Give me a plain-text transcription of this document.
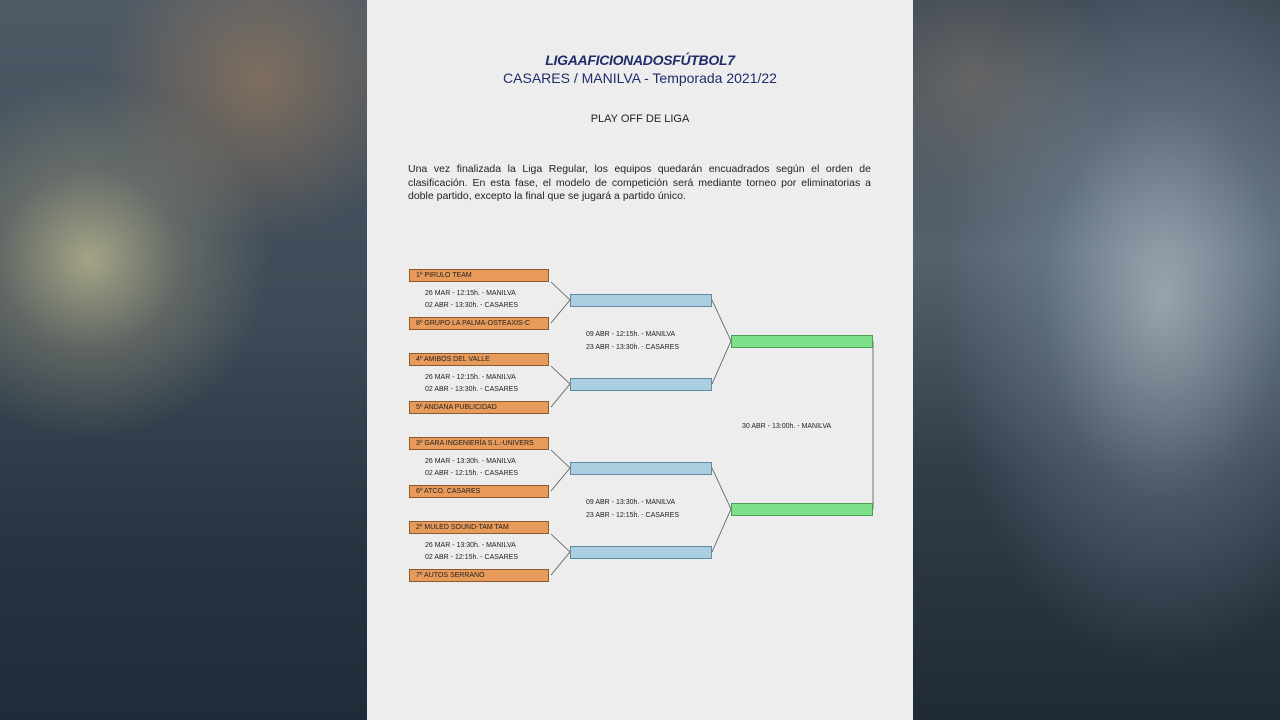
LIGAAFICIONADOSFÚTBOL7
CASARES / MANILVA - Temporada 2021/22
PLAY OFF DE LIGA

Una vez finalizada la Liga Regular, los equipos quedarán encuadrados según el orden de clasificación. En esta fase, el modelo de competición será mediante torneo por eliminatorias a doble partido, excepto la final que se jugará a partido único.

1º PIRULO TEAM
8º GRUPO LA PALMA-OSTEAXIS-C
4º AMIBOS DEL VALLE
5º ANDANA PUBLICIDAD
3º GARA INGENIERÍA S.L.-UNIVERS
6º ATCO. CASARES
2º MULED SOUND-TAM TAM
7º AUTOS SERRANO
26 MAR - 12:15h. - MANILVA
02 ABR - 13:30h. - CASARES
26 MAR - 12:15h. - MANILVA
02 ABR - 13:30h. - CASARES
26 MAR - 13:30h. - MANILVA
02 ABR - 12:15h. - CASARES
26 MAR - 13:30h. - MANILVA
02 ABR - 12:15h. - CASARES
09 ABR - 12:15h. - MANILVA
23 ABR - 13:30h. - CASARES
09 ABR - 13:30h. - MANILVA
23 ABR - 12:15h. - CASARES
30 ABR - 13:00h. - MANILVA
